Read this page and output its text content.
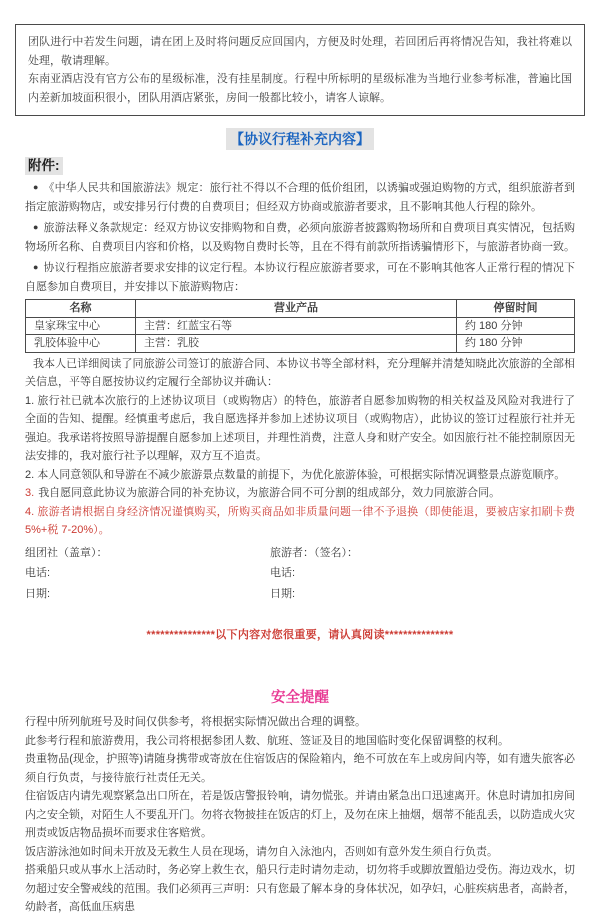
团队进行中若发生问题，请在团上及时将问题反应回国内，方便及时处理，若回团后再将情况告知，我社将难以处理，敬请理解。

东南亚酒店没有官方公布的星级标准，没有挂星制度。行程中所标明的星级标准为当地行业参考标准，普遍比国内差新加坡面积很小，团队用酒店紧张，房间一般都比较小，请客人谅解。

【协议行程补充内容】
附件:

● 《中华人民共和国旅游法》规定：旅行社不得以不合理的低价组团，以诱骗或强迫购物的方式，组织旅游者到指定旅游购物店，或安排另行付费的自费项目；但经双方协商或旅游者要求，且不影响其他人行程的除外。

● 旅游法释义条款规定：经双方协议安排购物和自费，必须向旅游者披露购物场所和自费项目真实情况，包括购物场所名称、自费项目内容和价格，以及购物自费时长等，且在不得有前款所指诱骗情形下，与旅游者协商一致。

● 协议行程指应旅游者要求安排的议定行程。本协议行程应旅游者要求，可在不影响其他客人正常行程的情况下自愿参加自费项目，并安排以下旅游购物店：

名称	营业产品	停留时间
皇家珠宝中心	主营：红蓝宝石等	约 180 分钟
乳胶体验中心	主营：乳胶	约 180 分钟

我本人已详细阅读了同旅游公司签订的旅游合同、本协议书等全部材料，充分理解并清楚知晓此次旅游的全部相关信息，平等自愿按协议约定履行全部协议并确认：

1. 旅行社已就本次旅行的上述协议项目（或购物店）的特色，旅游者自愿参加购物的相关权益及风险对我进行了全面的告知、提醒。经慎重考虑后，我自愿选择并参加上述协议项目（或购物店），此协议的签订过程旅行社并无强迫。我承诺将按照导游提醒自愿参加上述项目，并理性消费，注意人身和财产安全。如因旅行社不能控制原因无法安排的，我对旅行社予以理解，双方互不追责。

2. 本人同意领队和导游在不减少旅游景点数量的前提下，为优化旅游体验，可根据实际情况调整景点游览顺序。

3. 我自愿同意此协议为旅游合同的补充协议，为旅游合同不可分割的组成部分，效力同旅游合同。

4. 旅游者请根据自身经济情况谨慎购买，所购买商品如非质量问题一律不予退换（即使能退，要被店家扣刷卡费 5%+税 7-20%）。

组团社（盖章）：

电话:

日期:

旅游者：（签名）：

电话:

日期:

***************以下内容对您很重要，请认真阅读***************

安全提醒

行程中所列航班号及时间仅供参考，将根据实际情况做出合理的调整。

此参考行程和旅游费用，我公司将根据参团人数、航班、签证及目的地国临时变化保留调整的权利。

贵重物品(现金，护照等)请随身携带或寄放在住宿饭店的保险箱内，绝不可放在车上或房间内等，如有遗失旅客必须自行负责，与接待旅行社责任无关。

住宿饭店内请先观察紧急出口所在，若是饭店警报铃响，请勿慌张。并请由紧急出口迅速离开。休息时请加扣房间内之安全锁，对陌生人不要乱开门。勿将衣物披挂在饭店的灯上，及勿在床上抽烟，烟蒂不能乱丢，以防造成火灾刑责或饭店物品损坏而要求住客赔赏。

饭店游泳池如时间未开放及无救生人员在现场，请勿自入泳池内，否则如有意外发生须自行负责。

搭乘船只或从事水上活动时，务必穿上救生衣，船只行走时请勿走动，切勿将手或脚放置船边受伤。海边戏水，切勿超过安全警戒线的范围。我们必须再三声明：只有您最了解本身的身体状况，如孕妇，心脏疾病患者，高龄者，幼龄者，高低血压病患
